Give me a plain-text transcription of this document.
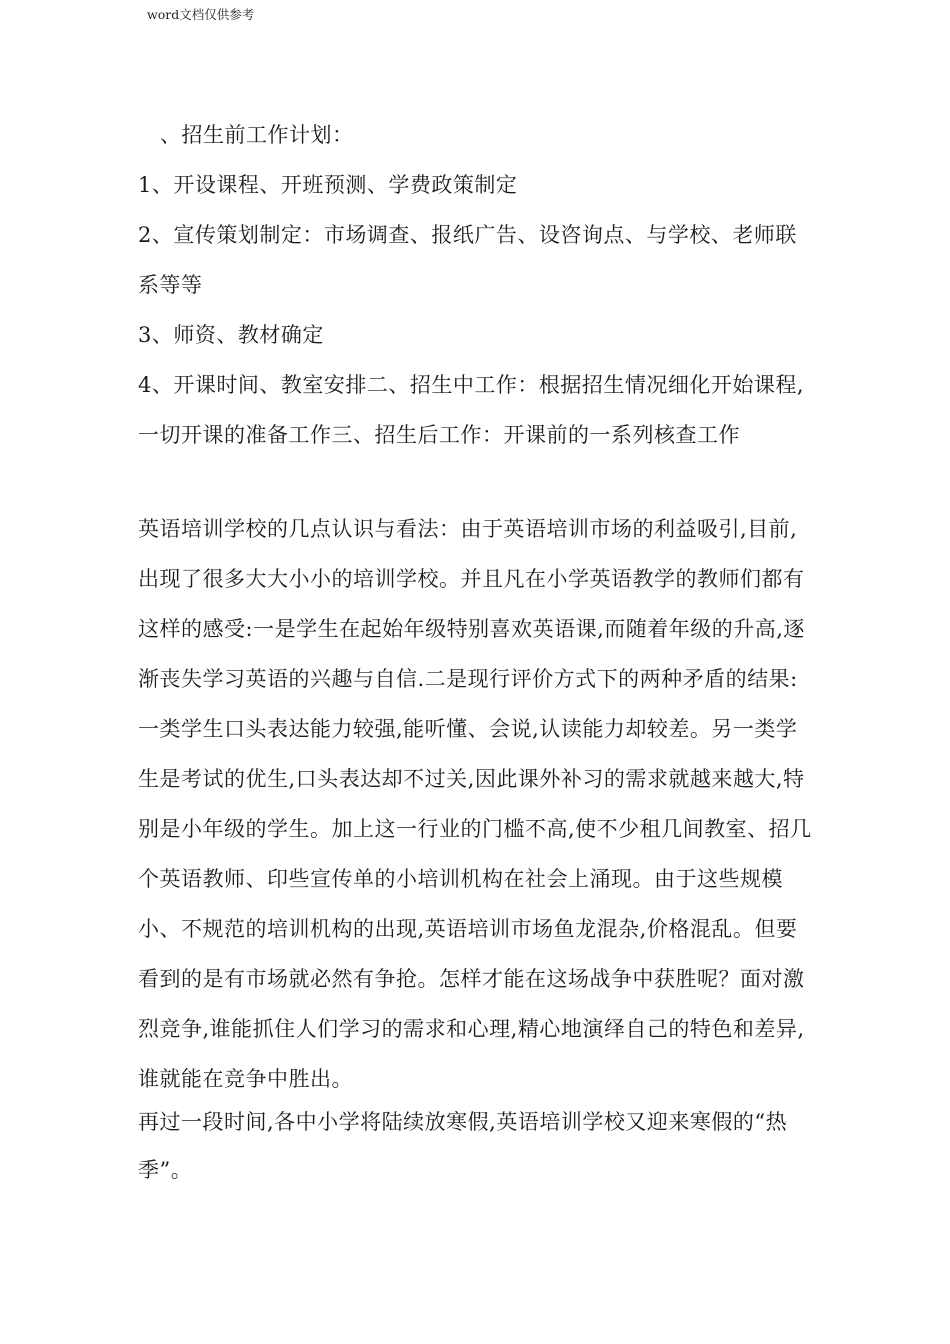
word文档仅供参考

、招生前工作计划：

1、开设课程、开班预测、学费政策制定

2、宣传策划制定：市场调查、报纸广告、设咨询点、与学校、老师联系等等

3、师资、教材确定

4、开课时间、教室安排二、招生中工作：根据招生情况细化开始课程,一切开课的准备工作三、招生后工作：开课前的一系列核查工作

英语培训学校的几点认识与看法：由于英语培训市场的利益吸引,目前,出现了很多大大小小的培训学校。并且凡在小学英语教学的教师们都有这样的感受:一是学生在起始年级特别喜欢英语课,而随着年级的升高,逐渐丧失学习英语的兴趣与自信.二是现行评价方式下的两种矛盾的结果:一类学生口头表达能力较强,能听懂、会说,认读能力却较差。另一类学生是考试的优生,口头表达却不过关,因此课外补习的需求就越来越大,特别是小年级的学生。加上这一行业的门槛不高,使不少租几间教室、招几个英语教师、印些宣传单的小培训机构在社会上涌现。由于这些规模小、不规范的培训机构的出现,英语培训市场鱼龙混杂,价格混乱。但要看到的是有市场就必然有争抢。怎样才能在这场战争中获胜呢？面对激烈竞争,谁能抓住人们学习的需求和心理,精心地演绎自己的特色和差异,谁就能在竞争中胜出。

再过一段时间,各中小学将陆续放寒假,英语培训学校又迎来寒假的“热季”。
